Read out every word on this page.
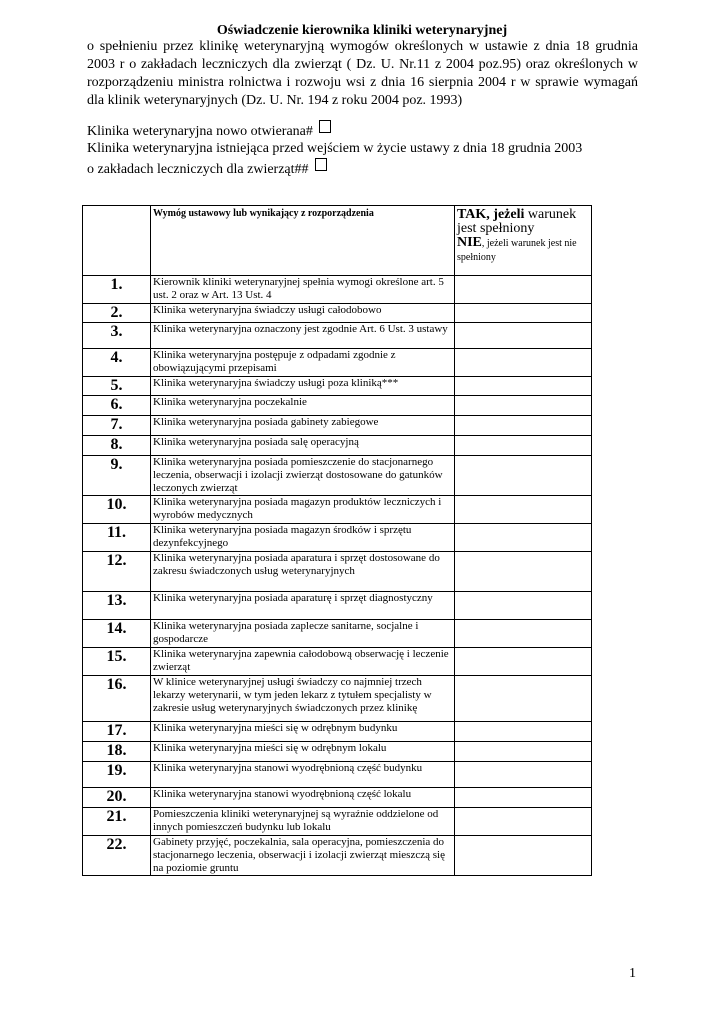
Oświadczenie kierownika kliniki weterynaryjnej
o spełnieniu przez klinikę weterynaryjną wymogów określonych w ustawie z dnia 18 grudnia 2003 r o zakładach leczniczych dla zwierząt ( Dz. U. Nr.11 z 2004 poz.95) oraz określonych w rozporządzeniu ministra rolnictwa i rozwoju wsi z dnia 16 sierpnia 2004 r w sprawie wymagań dla klinik weterynaryjnych (Dz. U. Nr. 194 z roku 2004 poz. 1993)
Klinika weterynaryjna nowo otwierana#
Klinika weterynaryjna istniejąca przed wejściem w życie ustawy z dnia 18 grudnia 2003
o zakładach leczniczych dla zwierząt##
	Wymóg ustawowy lub wynikający z rozporządzenia	TAK, jeżeli warunek jest spełniony
NIE, jeżeli warunek jest nie spełniony

1.	Kierownik kliniki weterynaryjnej spełnia wymogi określone art. 5 ust. 2 oraz w Art. 13 Ust. 4	
2.	Klinika weterynaryjna świadczy usługi całodobowo	
3.	Klinika weterynaryjna oznaczony jest zgodnie Art. 6 Ust. 3 ustawy	
4.	Klinika weterynaryjna postępuje z odpadami zgodnie z obowiązującymi przepisami	
5.	Klinika weterynaryjna świadczy usługi poza kliniką***	
6.	Klinika weterynaryjna poczekalnie	
7.	Klinika weterynaryjna posiada gabinety zabiegowe	
8.	Klinika weterynaryjna posiada salę operacyjną	
9.	Klinika weterynaryjna posiada pomieszczenie do stacjonarnego leczenia, obserwacji i izolacji zwierząt dostosowane do gatunków leczonych zwierząt	
10.	Klinika weterynaryjna posiada magazyn produktów leczniczych i wyrobów medycznych	
11.	Klinika weterynaryjna posiada magazyn środków i sprzętu dezynfekcyjnego	
12.	Klinika weterynaryjna posiada aparatura i sprzęt dostosowane do zakresu świadczonych usług weterynaryjnych	
13.	Klinika weterynaryjna posiada aparaturę i sprzęt diagnostyczny	
14.	Klinika weterynaryjna posiada zaplecze sanitarne, socjalne i gospodarcze	
15.	Klinika weterynaryjna zapewnia całodobową obserwację i leczenie zwierząt	
16.	W klinice weterynaryjnej usługi świadczy co najmniej trzech lekarzy weterynarii, w tym jeden lekarz z tytułem specjalisty w zakresie usług weterynaryjnych świadczonych przez klinikę	
17.	Klinika weterynaryjna mieści się w odrębnym budynku	
18.	Klinika weterynaryjna mieści się w odrębnym lokalu	
19.	Klinika weterynaryjna stanowi wyodrębnioną część budynku	
20.	Klinika weterynaryjna stanowi wyodrębnioną część lokalu	
21.	Pomieszczenia kliniki weterynaryjnej są wyraźnie oddzielone od innych pomieszczeń budynku lub lokalu	
22.	Gabinety przyjęć, poczekalnia, sala operacyjna, pomieszczenia do stacjonarnego leczenia, obserwacji i izolacji zwierząt mieszczą się na poziomie gruntu	
1
